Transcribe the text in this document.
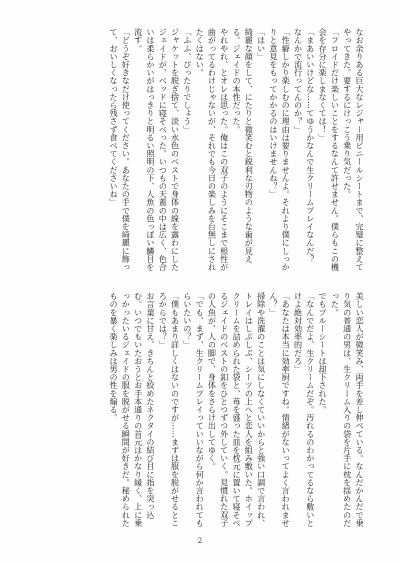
なお余りある巨大なレジャー用ビニールシートまで、完璧に整えてやってきた。要するにけっこう乗り気だった。

「フロイドだけ楽しいことをするなんて許せません。僕らもこの機会を存分に楽しまなくては！」

「まあいいけどな……てゆうかなんで生クリームプレイなんだ？　なんかで流行ってんのか？」

「性癖しかり楽しむのに理由は要りませんよ。それより僕にしっかりと意見をもってかかるのはいけませんね？」

「はい」

綺麗な顔をして、にたりと微笑むと鋭利な刃物のような歯が見える。ジェイドの本性だった。

やれやれ、とオレは思った。俺はこの双子のようにそこまで根性が曲がってるわけじゃないが、それでも今日の楽しみを台無しにされたくはない。

「ふふ、ぴったりでしょう」

ジャケットを脱ぎ捨て、淡い水色のベストで身体の線を露わにしたジェイドが、ベッドに寝そべった。いつもの天蓋の中は広く、色合いは柔らかいがはっきりと明るい照明の下、人魚の色っぽい鱗目を流す。

「どうぞ好きなだけ使ってください。あなたの手で僕を綺麗に飾って、おいしくなったら残さず食べてくださいね」

美しい恋人が微笑み、両手を差し伸べている。なんだかんだで乗り気の普通の男は、生クリーム入りの袋を片手に枕を揺めたのだった。

でもブルーシートは却下された。

「なんでだよ、生クリームだぞ。汚れるのわかってるなら敷いとけよ絶対効率的だろ」

「あなたは本当に効率厨ですね。情緒がないってよく言われません？」

掃除や洗濯のことは気にしなくていいからと強い口調で言われ、トレイはしぶしぶ、シーツの上へと恋人を組み敷いた。ホイップクリームを詰められた袋と、苺を盛った皿を枕元に置いて寝そべるジェイドのベストの釦をひとつずつ外していく。見慣れた双子の人魚が、人の脚で、身体をさらけ出してゆく。

「でも、まず、生クリームプレイっていいながら何か言われてもらいたいの？」

「僕もあまり詳しくはないのですが……まずは服を脱がせるところからでは？」

お言葉に甘え、きちんと絞めたネクタイの結び目に指を突っ込む。いつでもいたおうとお手本通りの首元はかなり緩く、上に乗っかったいるジェイドの服を脱がせる瞬間が好きだ。秘められたものを暴く楽しみは男の性を煽る。

2
